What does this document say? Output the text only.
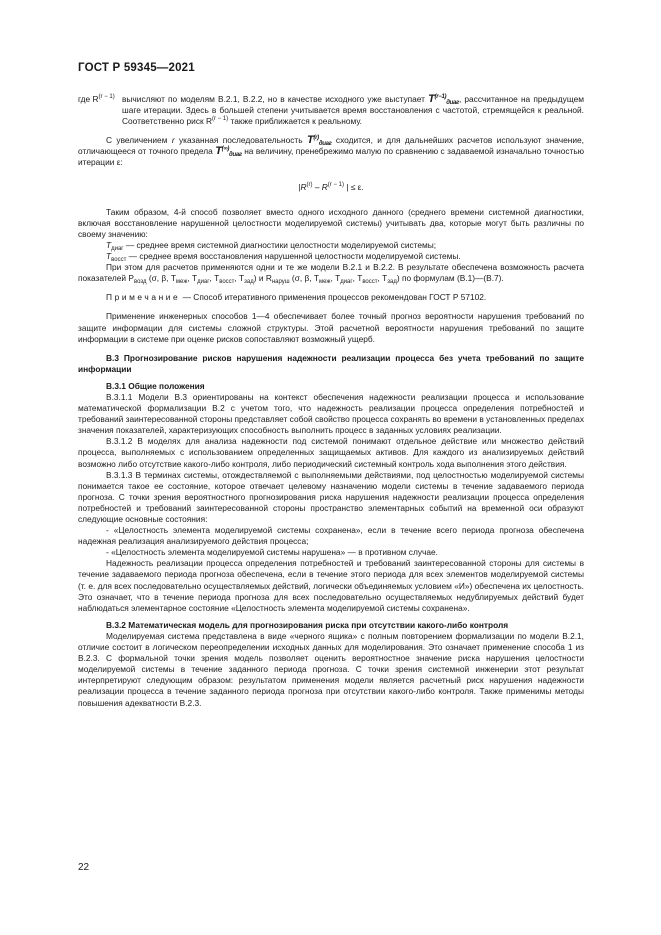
ГОСТ Р 59345—2021
где $R^{(r - 1)}$ вычисляют по моделям B.2.1, B.2.2, но в качестве исходного уже выступает $T^{(r-1)}_{диаг}$, рассчитанное на предыдущем шаге итерации. Здесь в большей степени учитывается время восстановления с частотой, стремящейся к реальной. Соответственно риск $R^{(r - 1)}$ также приближается к реальному.

С увеличением r указанная последовательность $T^{(r)}_{диаг}$ сходится, и для дальнейших расчетов используют значение, отличающееся от точного предела $T^{(\infty)}_{диаг}$ на величину, пренебрежимо малую по сравнению с задаваемой изначально точностью итерации ε:

$|R^{(r)} - R^{(r - 1)}$ | ≤ ε.

Таким образом, 4-й способ позволяет вместо одного исходного данного (среднего времени системной диагностики, включая восстановление нарушенной целостности моделируемой системы) учитывать два, которые могут быть различны по своему значению:

$T_{диаг}$ — среднее время системной диагностики целостности моделируемой системы;

$T_{восст}$ — среднее время восстановления нарушенной целостности моделируемой системы.

При этом для расчетов применяются одни и те же модели B.2.1 и B.2.2. В результате обеспечена возможность расчета показателей $P_{возд}$ (σ, β, $T_{меж}$, $T_{диаг}$, $T_{восст}$, $T_{зад}$) и $R_{наруш}$ (σ, β, $T_{меж}$, $T_{диаг}$, $T_{восст}$, $T_{зад}$) по формулам (B.1)—(B.7).

Примечание — Способ итеративного применения процессов рекомендован ГОСТ Р 57102.

Применение инженерных способов 1—4 обеспечивает более точный прогноз вероятности нарушения требований по защите информации для системы сложной структуры. Этой расчетной вероятности нарушения требований по защите информации в системе при оценке рисков сопоставляют возможный ущерб.

B.3 Прогнозирование рисков нарушения надежности реализации процесса без учета требований по защите информации

B.3.1 Общие положения

B.3.1.1 Модели B.3 ориентированы на контекст обеспечения надежности реализации процесса и использование математической формализации B.2 с учетом того, что надежность реализации процесса определения потребностей и требований заинтересованной стороны представляет собой свойство процесса сохранять во времени в установленных пределах значения показателей, характеризующих способность выполнить процесс в заданных условиях реализации.

B.3.1.2 В моделях для анализа надежности под системой понимают отдельное действие или множество действий процесса, выполняемых с использованием определенных защищаемых активов. Для каждого из анализируемых действий возможно либо отсутствие какого-либо контроля, либо периодический системный контроль хода выполнения этого действия.

B.3.1.3 В терминах системы, отождествляемой с выполняемыми действиями, под целостностью моделируемой системы понимается такое ее состояние, которое отвечает целевому назначению модели системы в течение задаваемого периода прогноза. С точки зрения вероятностного прогнозирования риска нарушения надежности реализации процесса определения потребностей и требований заинтересованной стороны пространство элементарных событий на временной оси образуют следующие основные состояния:

- «Целостность элемента моделируемой системы сохранена», если в течение всего периода прогноза обеспечена надежная реализация анализируемого действия процесса;

- «Целостность элемента моделируемой системы нарушена» — в противном случае.

Надежность реализации процесса определения потребностей и требований заинтересованной стороны для системы в течение задаваемого периода прогноза обеспечена, если в течение этого периода для всех элементов моделируемой системы (т. е. для всех последовательно осуществляемых действий, логически объединяемых условием «И») обеспечена их целостность. Это означает, что в течение периода прогноза для всех последовательно осуществляемых недублируемых действий будет наблюдаться элементарное состояние «Целостность элемента моделируемой системы сохранена».

B.3.2 Математическая модель для прогнозирования риска при отсутствии какого-либо контроля

Моделируемая система представлена в виде «черного ящика» с полным повторением формализации по модели B.2.1, отличие состоит в логическом переопределении исходных данных для моделирования. Это означает применение способа 1 из B.2.3. С формальной точки зрения модель позволяет оценить вероятностное значение риска нарушения целостности моделируемой системы в течение заданного периода прогноза. С точки зрения системной инженерии этот результат интерпретируют следующим образом: результатом применения модели является расчетный риск нарушения надежности реализации процесса в течение заданного периода прогноза при отсутствии какого-либо контроля. Также применимы методы повышения адекватности B.2.3.

22
